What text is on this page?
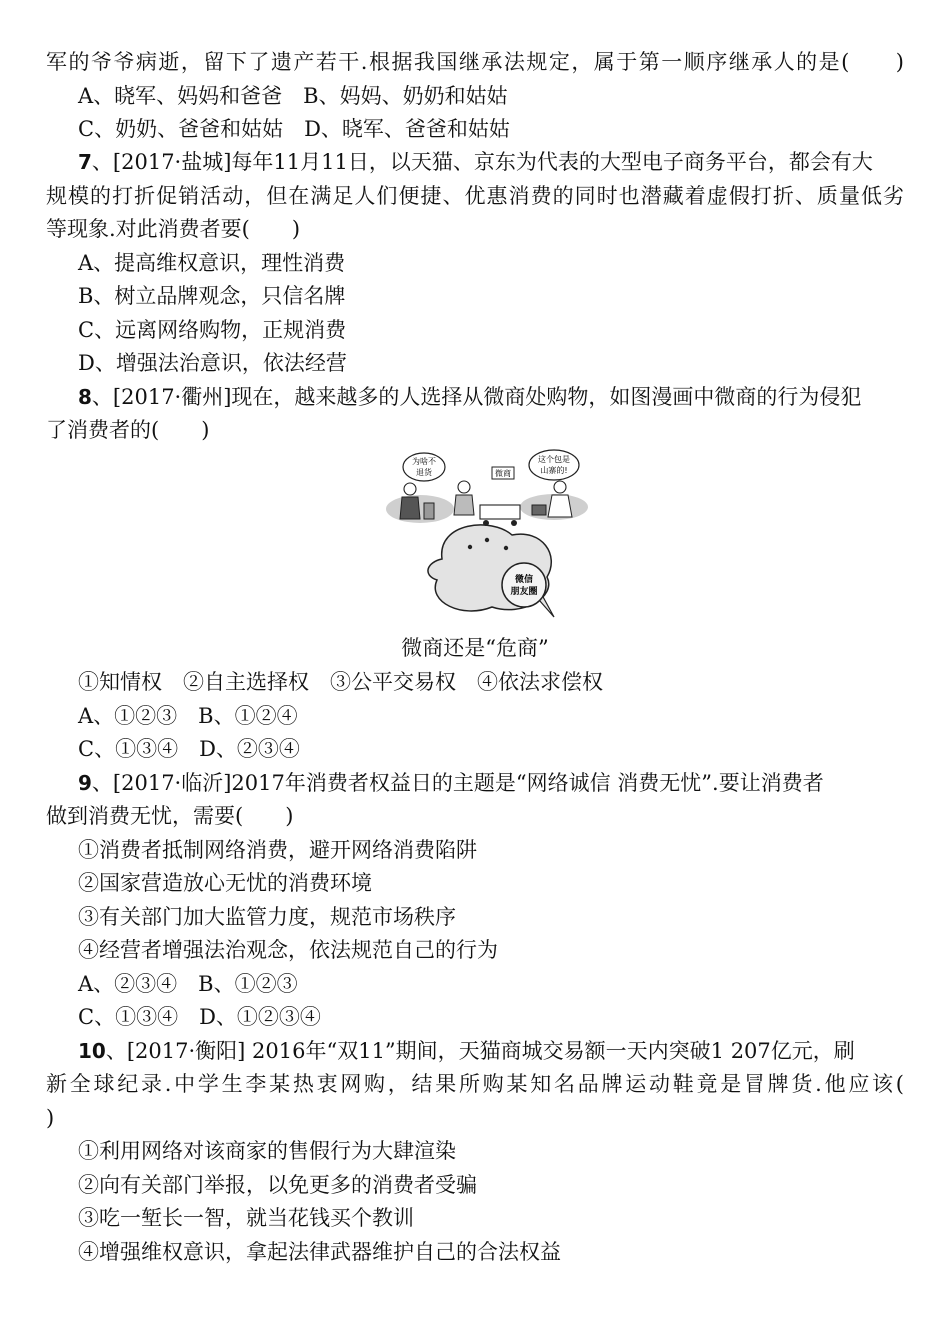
军的爷爷病逝，留下了遗产若干.根据我国继承法规定，属于第一顺序继承人的是(　　)
A、晓军、妈妈和爸爸　B、妈妈、奶奶和姑姑
C、奶奶、爸爸和姑姑　D、晓军、爸爸和姑姑
7、[2017·盐城]每年11月11日，以天猫、京东为代表的大型电子商务平台，都会有大
规模的打折促销活动，但在满足人们便捷、优惠消费的同时也潜藏着虚假打折、质量低劣
等现象.对此消费者要(　　)
A、提高维权意识，理性消费
B、树立品牌观念，只信名牌
C、远离网络购物，正规消费
D、增强法治意识，依法经营
8、[2017·衢州]现在，越来越多的人选择从微商处购物，如图漫画中微商的行为侵犯
了消费者的(　　)
微信
朋友圈
为啥不
退货	微商
这个包是
山寨的!
微商还是“危商”
①知情权　②自主选择权　③公平交易权　④依法求偿权
A、①②③　B、①②④
C、①③④　D、②③④
9、[2017·临沂]2017年消费者权益日的主题是“网络诚信 消费无忧”.要让消费者
做到消费无忧，需要(　　)
①消费者抵制网络消费，避开网络消费陷阱
②国家营造放心无忧的消费环境
③有关部门加大监管力度，规范市场秩序
④经营者增强法治观念，依法规范自己的行为
A、②③④　B、①②③
C、①③④　D、①②③④
10、[2017·衡阳] 2016年“双11”期间，天猫商城交易额一天内突破1 207亿元，刷
新全球纪录.中学生李某热衷网购，结果所购某知名品牌运动鞋竟是冒牌货.他应该(
)
①利用网络对该商家的售假行为大肆渲染
②向有关部门举报，以免更多的消费者受骗
③吃一堑长一智，就当花钱买个教训
④增强维权意识，拿起法律武器维护自己的合法权益
